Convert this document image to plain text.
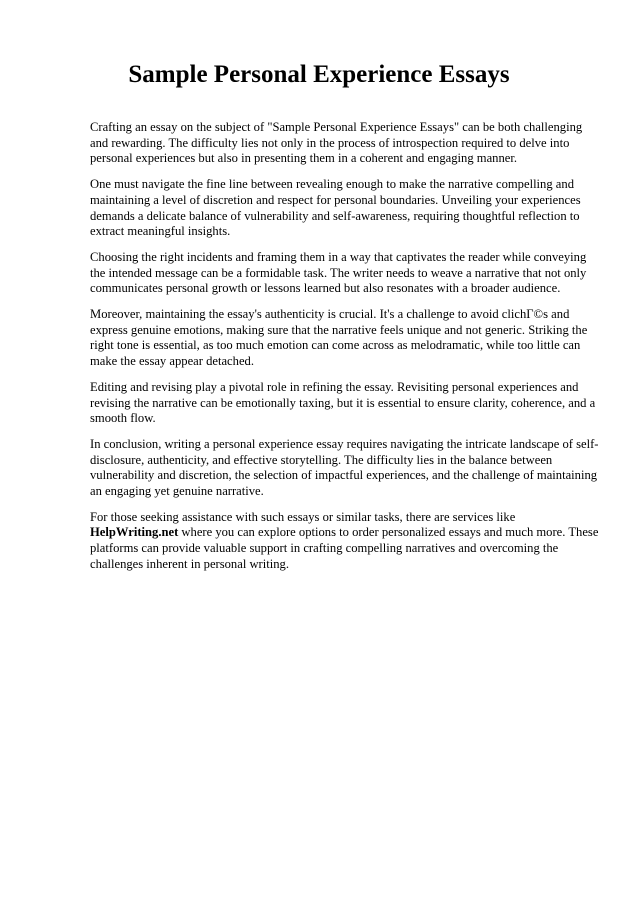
Sample Personal Experience Essays

Crafting an essay on the subject of "Sample Personal Experience Essays" can be both challenging and rewarding. The difficulty lies not only in the process of introspection required to delve into personal experiences but also in presenting them in a coherent and engaging manner.

One must navigate the fine line between revealing enough to make the narrative compelling and maintaining a level of discretion and respect for personal boundaries. Unveiling your experiences demands a delicate balance of vulnerability and self-awareness, requiring thoughtful reflection to extract meaningful insights.

Choosing the right incidents and framing them in a way that captivates the reader while conveying the intended message can be a formidable task. The writer needs to weave a narrative that not only communicates personal growth or lessons learned but also resonates with a broader audience.

Moreover, maintaining the essay's authenticity is crucial. It's a challenge to avoid clichГ©s and express genuine emotions, making sure that the narrative feels unique and not generic. Striking the right tone is essential, as too much emotion can come across as melodramatic, while too little can make the essay appear detached.

Editing and revising play a pivotal role in refining the essay. Revisiting personal experiences and revising the narrative can be emotionally taxing, but it is essential to ensure clarity, coherence, and a smooth flow.

In conclusion, writing a personal experience essay requires navigating the intricate landscape of self-disclosure, authenticity, and effective storytelling. The difficulty lies in the balance between vulnerability and discretion, the selection of impactful experiences, and the challenge of maintaining an engaging yet genuine narrative.

For those seeking assistance with such essays or similar tasks, there are services like HelpWriting.net where you can explore options to order personalized essays and much more. These platforms can provide valuable support in crafting compelling narratives and overcoming the challenges inherent in personal writing.
